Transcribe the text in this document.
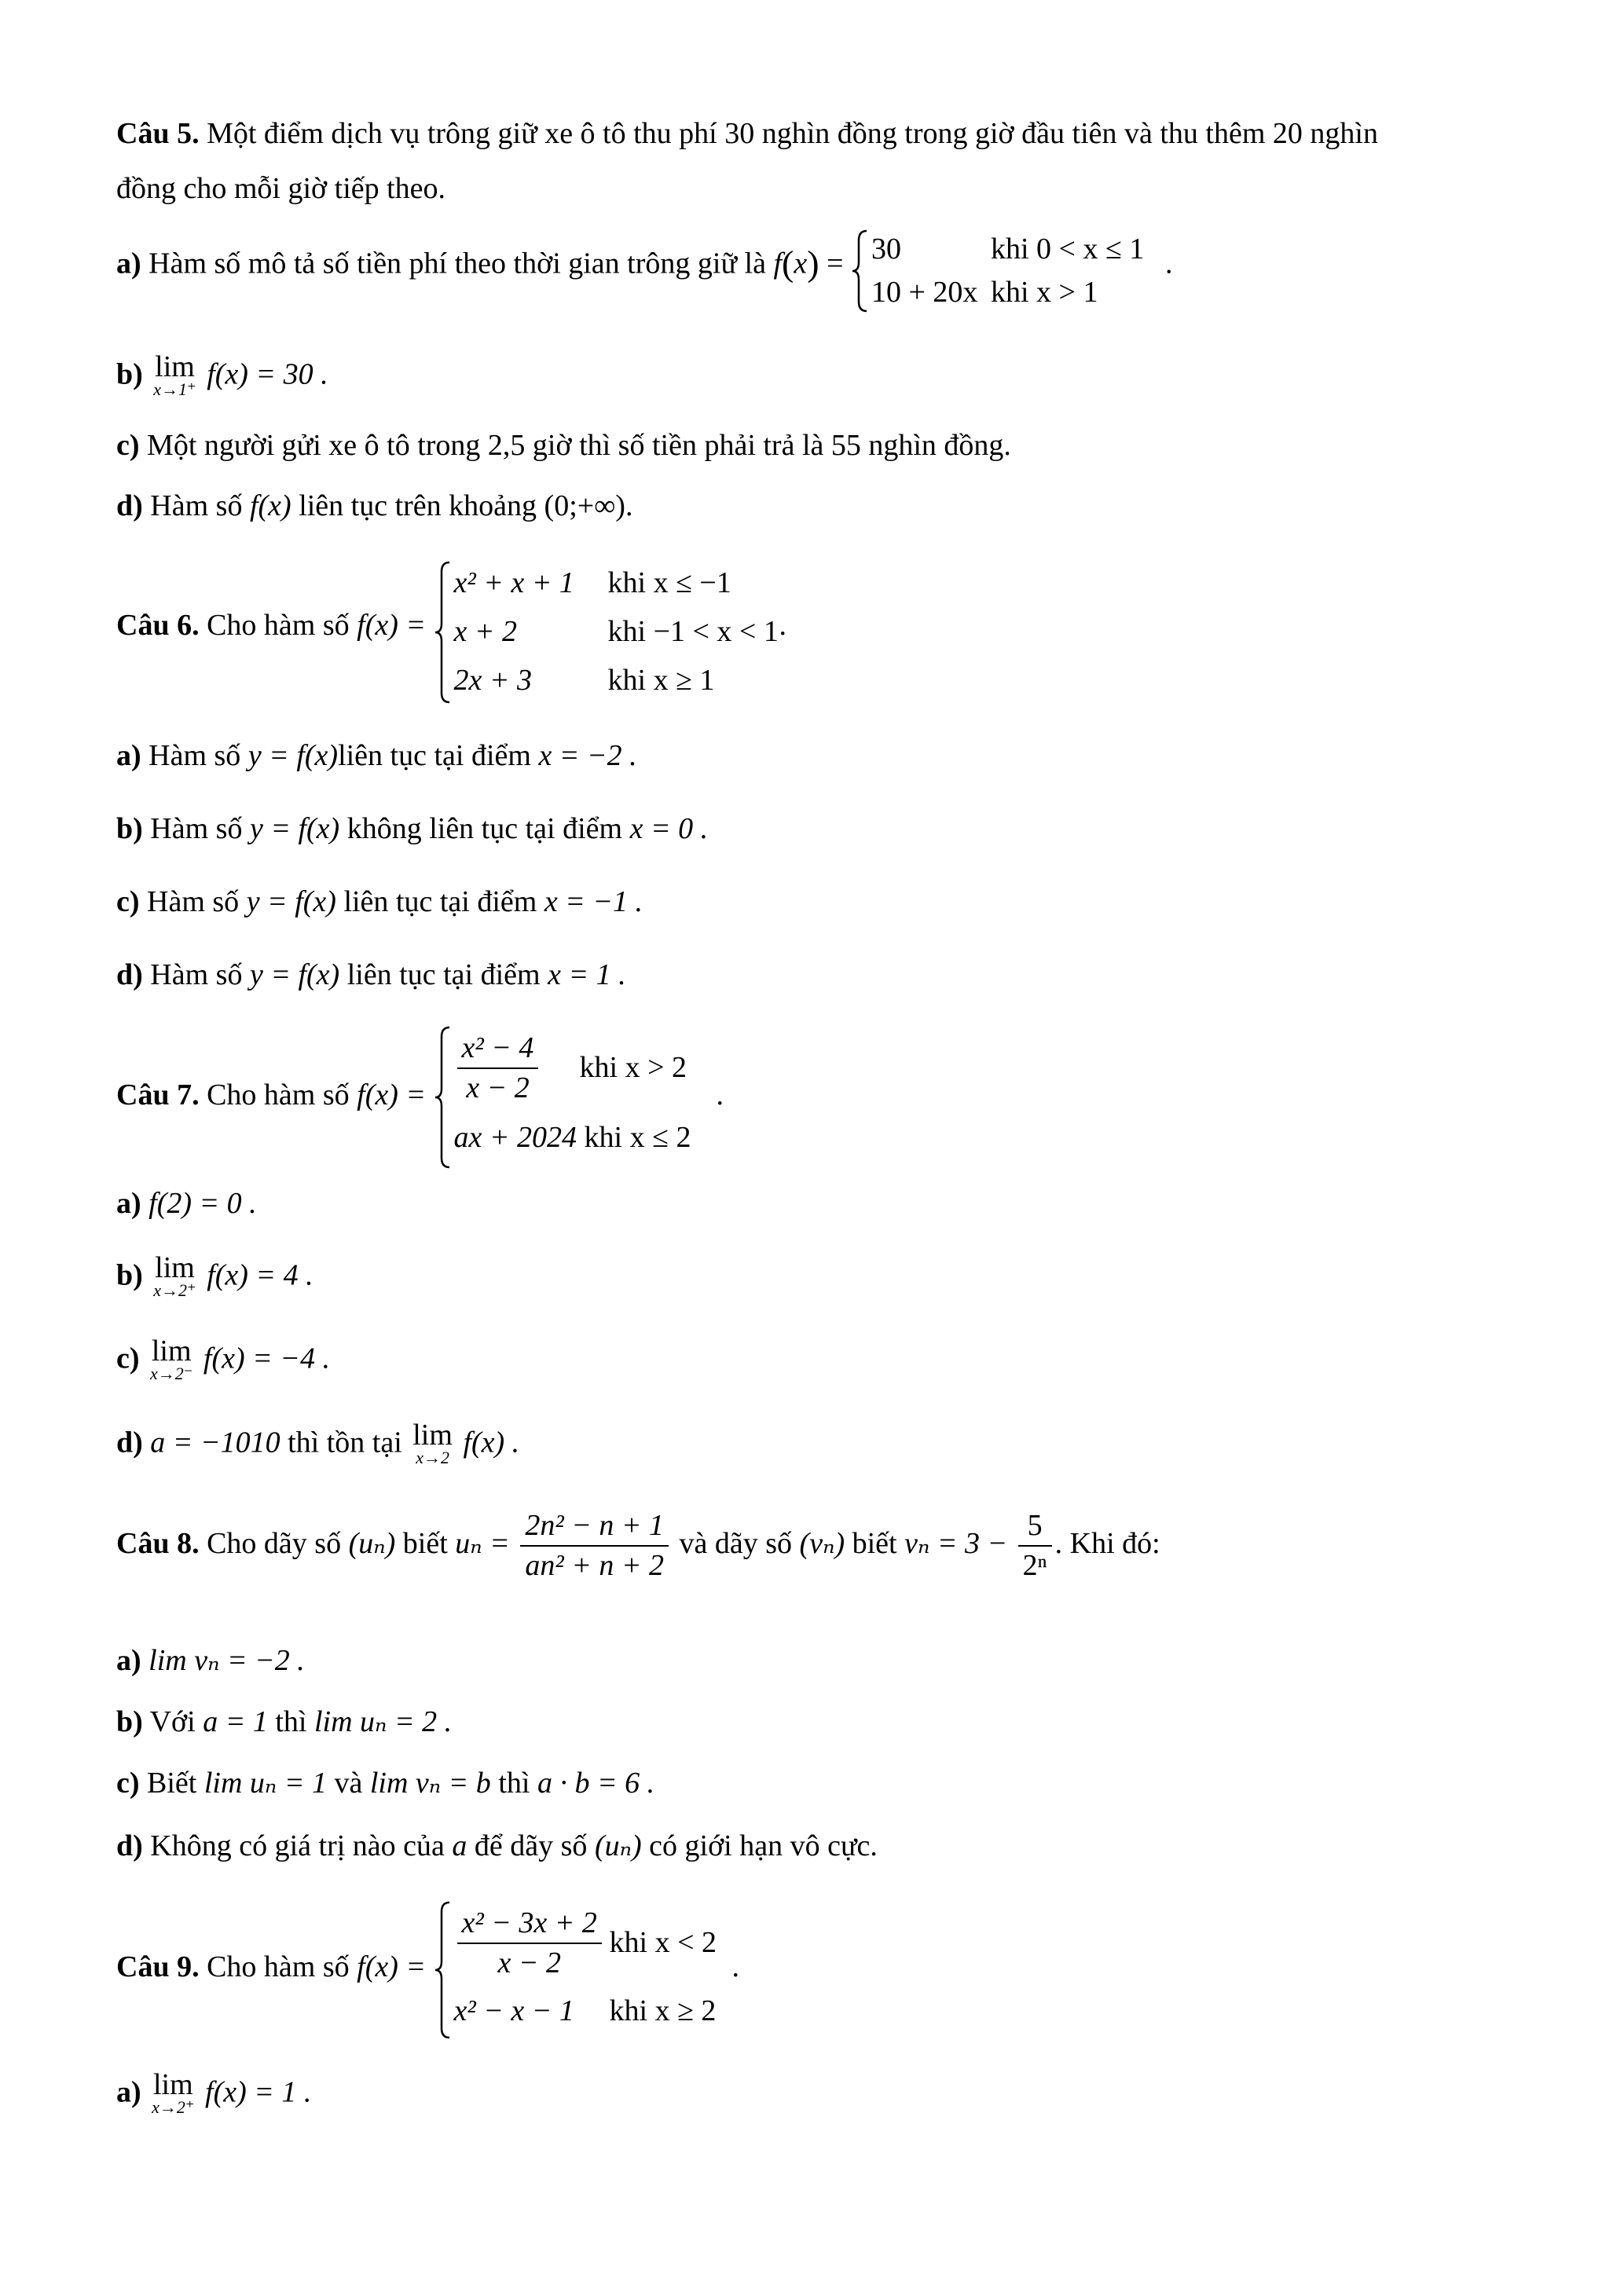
Câu 5. Một điểm dịch vụ trông giữ xe ô tô thu phí 30 nghìn đồng trong giờ đầu tiên và thu thêm 20 nghìn
đồng cho mỗi giờ tiếp theo.
a) Hàm số mô tả số tiền phí theo thời gian trông giữ là f(x) = 30	khi 0 < x ≤ 1
10 + 20x khi x > 1
.
b) lim
x→1⁺ f(x) = 30 .
c) Một người gửi xe ô tô trong 2,5 giờ thì số tiền phải trả là 55 nghìn đồng.
d) Hàm số f(x) liên tục trên khoảng (0;+∞).
Câu 6. Cho hàm số f(x) =
x² + x + 1	khi x ≤ −1
x + 2	khi −1 < x < 1
2x + 3	khi x ≥ 1
.
a) Hàm số y = f(x)liên tục tại điểm x = −2 .
b) Hàm số y = f(x) không liên tục tại điểm x = 0 .
c) Hàm số y = f(x) liên tục tại điểm x = −1 .
d) Hàm số y = f(x) liên tục tại điểm x = 1 .
Câu 7. Cho hàm số $f(x) = \frac{\text{x² − 4}}{x - 2}$ khi x > 2
ax + 2024
khi x ≤ 2
.
a) f(2) = 0 .
b) lim
x→2⁺ f(x) = 4 .
c) lim
x→2⁻ f(x) = −4 .
d) a = −1010 thì tồn tại lim
x→2 f(x) .
Câu 8. Cho dãy số (uₙ) biết $u_n = \frac{\text{2n² − n + 1}}{\text{an² + n + 2}}$ và dãy số (vₙ) biết $v_n = 3 - \frac{5}{\text{2ⁿ}}$ . Khi đó:
a) lim vₙ = −2 .
b) Với a = 1 thì lim uₙ = 2 .
c) Biết lim uₙ = 1 và lim vₙ = b thì a · b = 6 .
d) Không có giá trị nào của a để dãy số (uₙ) có giới hạn vô cực.
Câu 9. Cho hàm số $f(x) = \frac{\text{x² − 3x + 2}}{x - 2}$ khi x < 2
x² − x − 1	khi x ≥ 2
.
a) lim
x→2⁺ f(x) = 1 .
